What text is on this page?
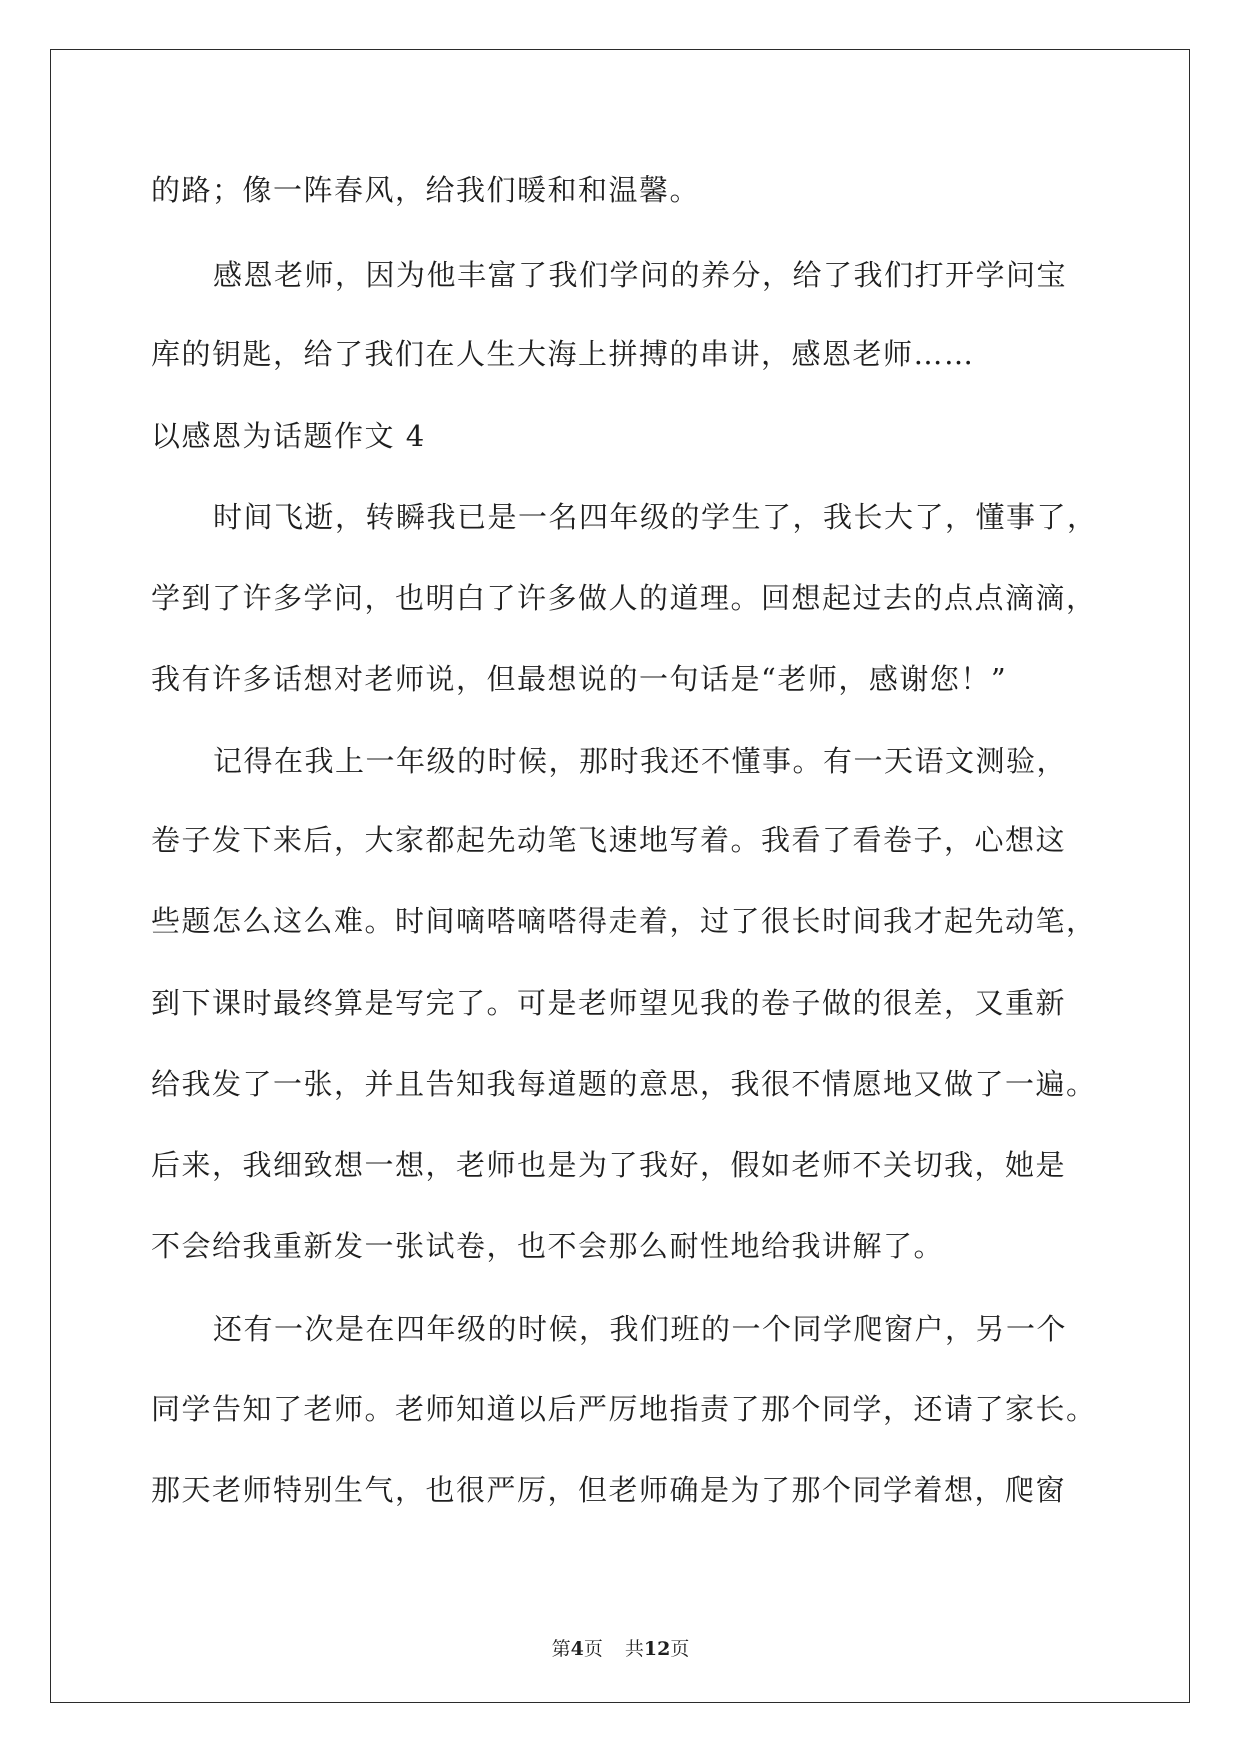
的路；像一阵春风，给我们暖和和温馨。
感恩老师，因为他丰富了我们学问的养分，给了我们打开学问宝
库的钥匙，给了我们在人生大海上拼搏的串讲，感恩老师……
以感恩为话题作文 4
时间飞逝，转瞬我已是一名四年级的学生了，我长大了，懂事了，
学到了许多学问，也明白了许多做人的道理。回想起过去的点点滴滴，
我有许多话想对老师说，但最想说的一句话是“老师，感谢您！”
记得在我上一年级的时候，那时我还不懂事。有一天语文测验，
卷子发下来后，大家都起先动笔飞速地写着。我看了看卷子，心想这
些题怎么这么难。时间嘀嗒嘀嗒得走着，过了很长时间我才起先动笔，
到下课时最终算是写完了。可是老师望见我的卷子做的很差，又重新
给我发了一张，并且告知我每道题的意思，我很不情愿地又做了一遍。
后来，我细致想一想，老师也是为了我好，假如老师不关切我，她是
不会给我重新发一张试卷，也不会那么耐性地给我讲解了。
还有一次是在四年级的时候，我们班的一个同学爬窗户，另一个
同学告知了老师。老师知道以后严厉地指责了那个同学，还请了家长。
那天老师特别生气，也很严厉，但老师确是为了那个同学着想，爬窗
第4页 共12页
